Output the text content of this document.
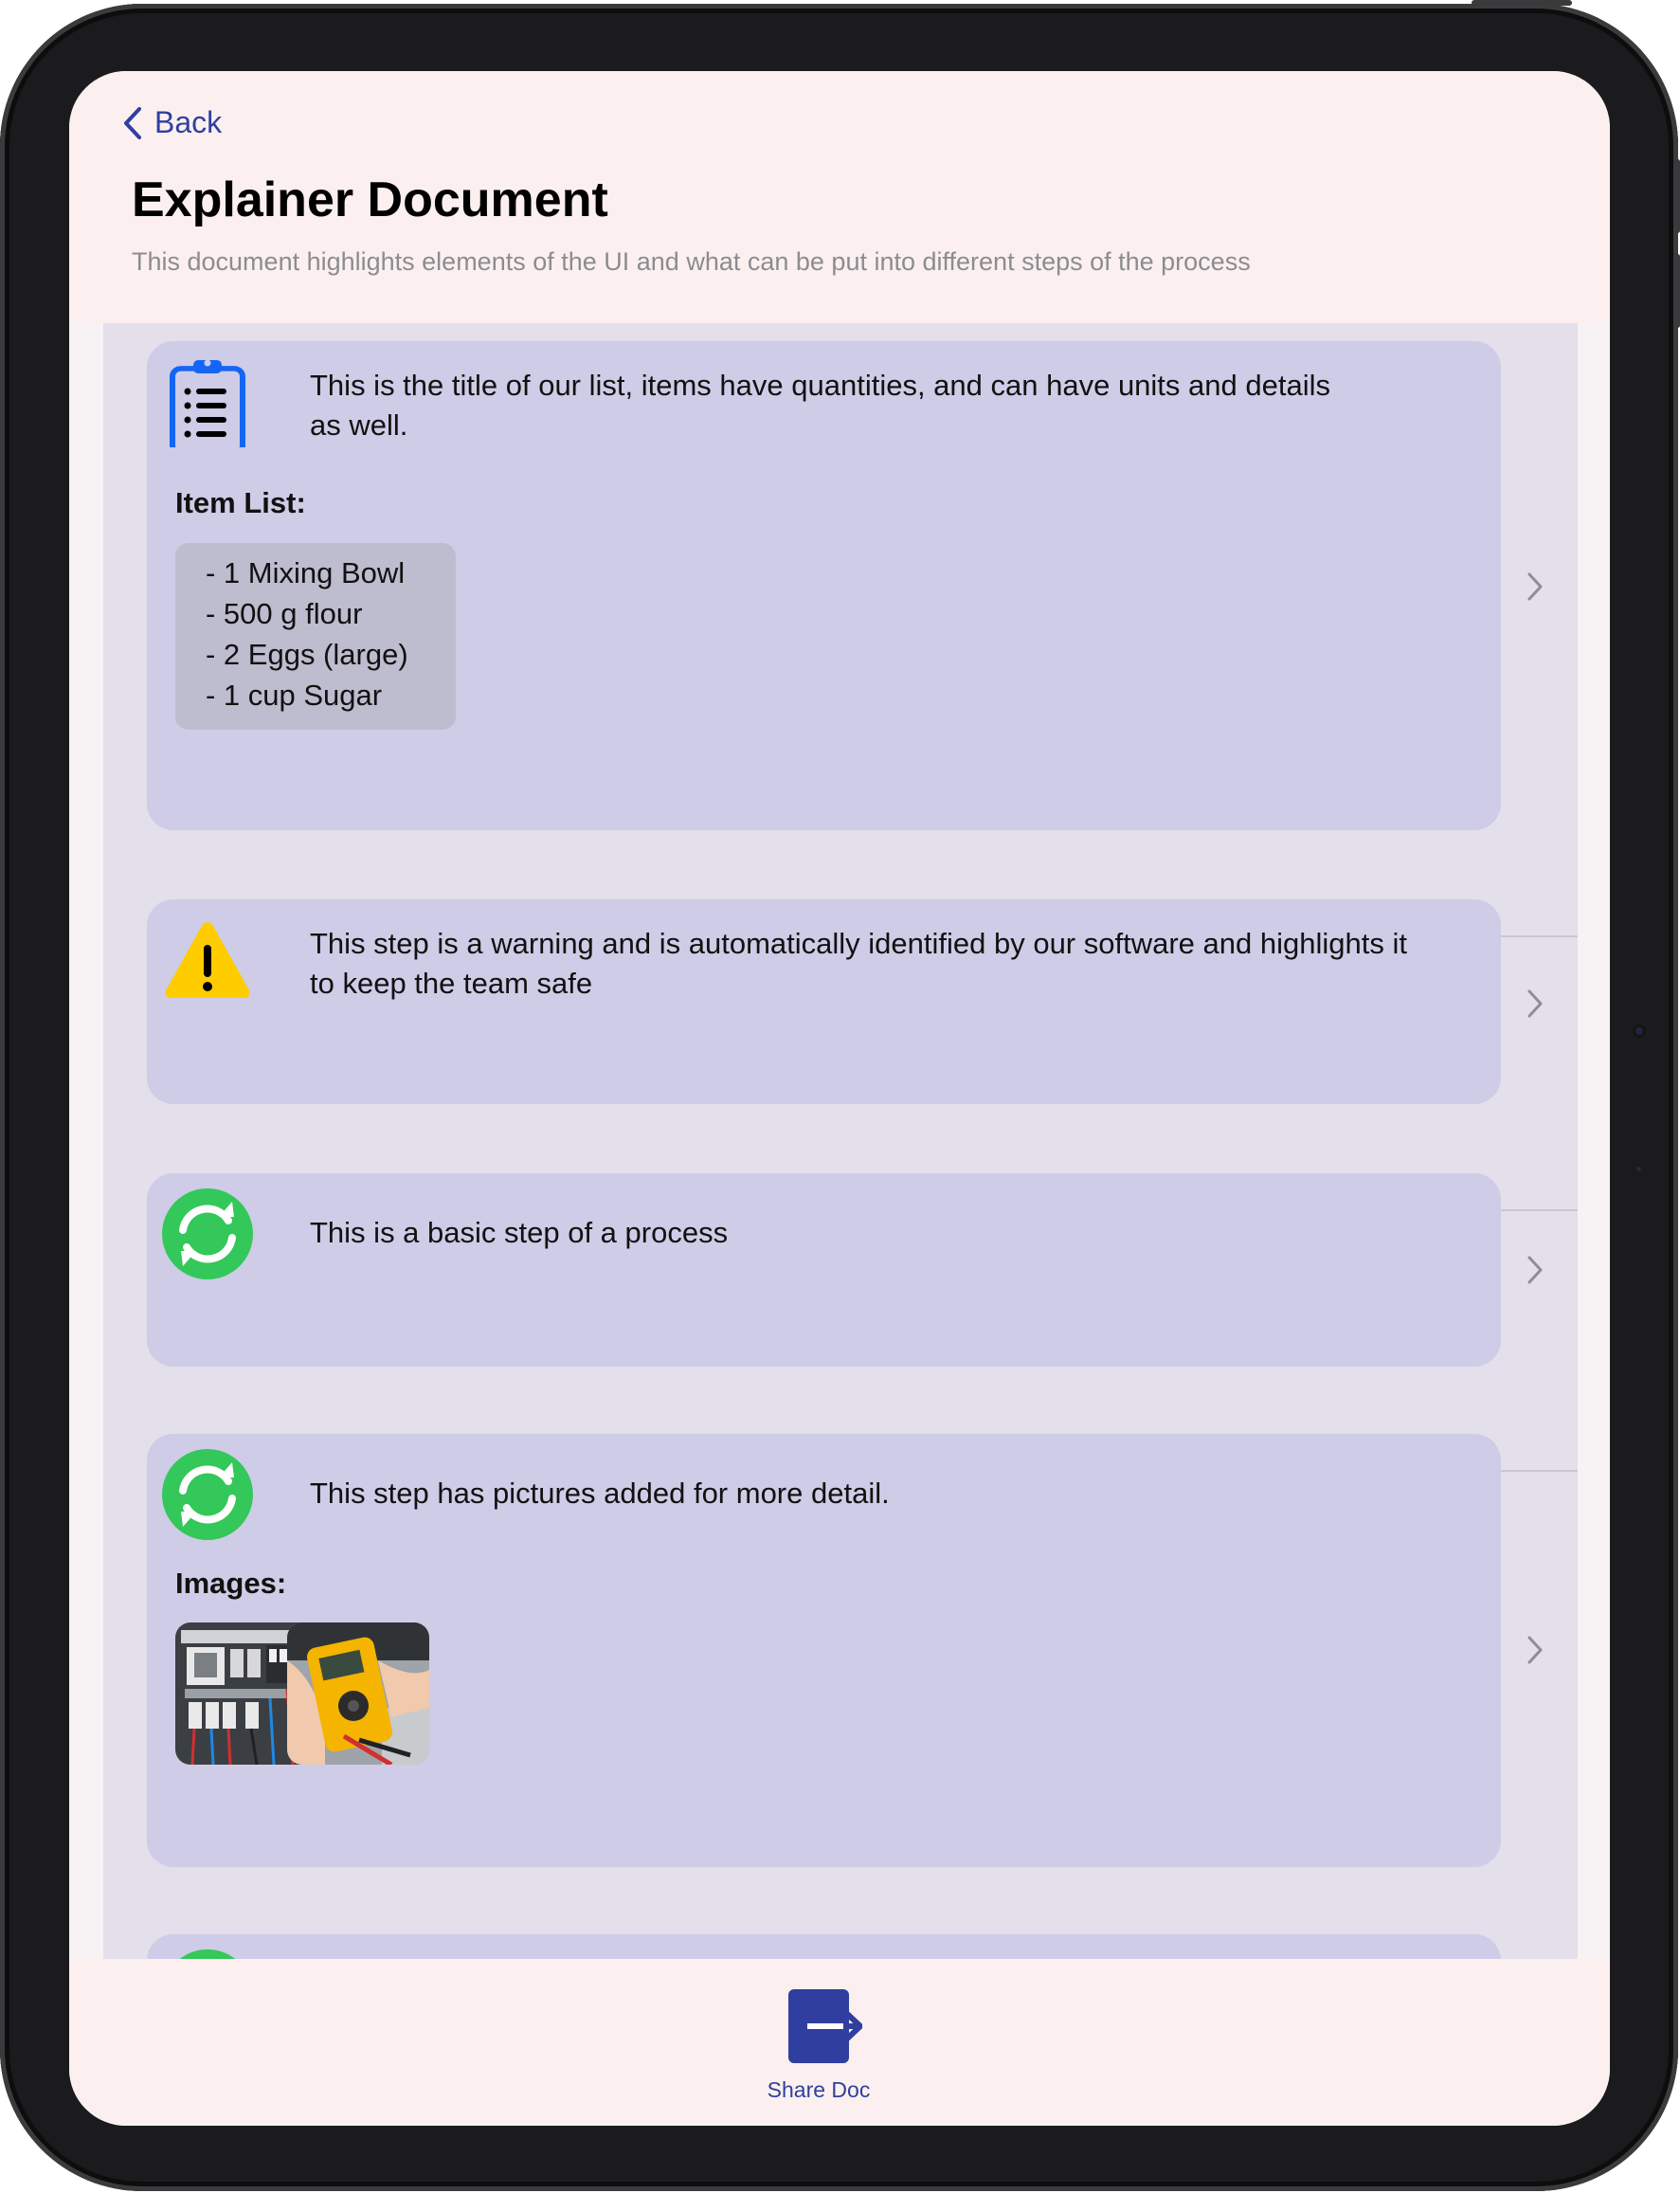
Back
Explainer Document
This document highlights elements of the UI and what can be put into different steps of the process
This is the title of our list, items have quantities, and can have units and details
as well.
Item List:
- 1 Mixing Bowl
- 500 g flour
- 2 Eggs (large)
- 1 cup Sugar
This step is a warning and is automatically identified by our software and highlights it
to keep the team safe
This is a basic step of a process
This step has pictures added for more detail.
Images:
Share Doc
